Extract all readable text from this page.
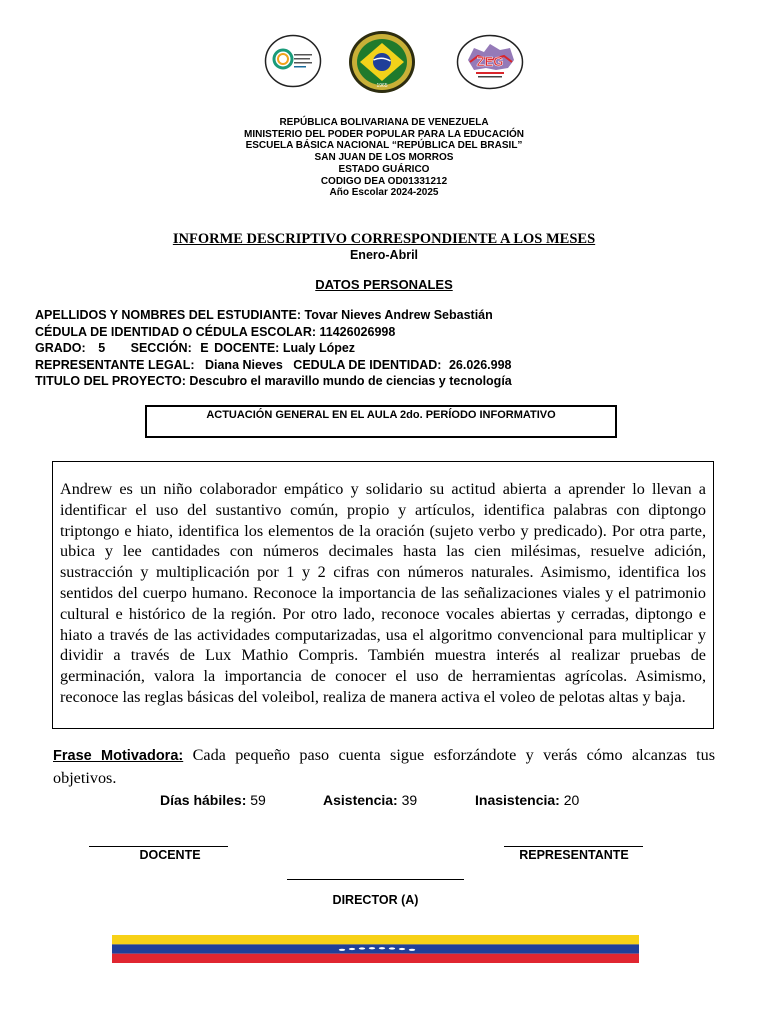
1965
ZEG
REPÚBLICA BOLIVARIANA DE VENEZUELA
MINISTERIO DEL PODER POPULAR PARA LA EDUCACIÓN
ESCUELA BÁSICA NACIONAL “REPÚBLICA DEL BRASIL”
SAN JUAN DE LOS MORROS
ESTADO GUÁRICO
CODIGO DEA OD01331212
Año Escolar 2024-2025
INFORME DESCRIPTIVO CORRESPONDIENTE A LOS MESES
Enero-Abril
DATOS PERSONALES
APELLIDOS Y NOMBRES DEL ESTUDIANTE: Tovar Nieves Andrew Sebastián
CÉDULA DE IDENTIDAD O CÉDULA ESCOLAR: 11426026998
GRADO: 5 SECCIÓN: E DOCENTE: Lualy López
REPRESENTANTE LEGAL: Diana Nieves CEDULA DE IDENTIDAD: 26.026.998
TITULO DEL PROYECTO: Descubro el maravillo mundo de ciencias y tecnología
ACTUACIÓN GENERAL EN EL AULA 2do. PERÍODO INFORMATIVO

Andrew es un niño colaborador empático y solidario su actitud abierta a aprender lo llevan a identificar el uso del sustantivo común, propio y artículos, identifica palabras con diptongo triptongo e hiato, identifica los elementos de la oración (sujeto verbo y predicado). Por otra parte, ubica y lee cantidades con números decimales hasta las cien milésimas, resuelve adición, sustracción y multiplicación por 1 y 2 cifras con números naturales. Asimismo, identifica los sentidos del cuerpo humano. Reconoce la importancia de las señalizaciones viales y el patrimonio cultural e histórico de la región. Por otro lado, reconoce vocales abiertas y cerradas, diptongo e hiato a través de las actividades computarizadas, usa el algoritmo convencional para multiplicar y dividir a través de Lux Mathio Compris. También muestra interés al realizar pruebas de germinación, valora la importancia de conocer el uso de herramientas agrícolas. Asimismo, reconoce las reglas básicas del voleibol, realiza de manera activa el voleo de pelotas altas y baja.

Frase Motivadora: Cada pequeño paso cuenta sigue esforzándote y verás cómo alcanzas tus objetivos.
Días hábiles: 59	Asistencia: 39	Inasistencia: 20
DOCENTE	REPRESENTANTE
DIRECTOR (A)
